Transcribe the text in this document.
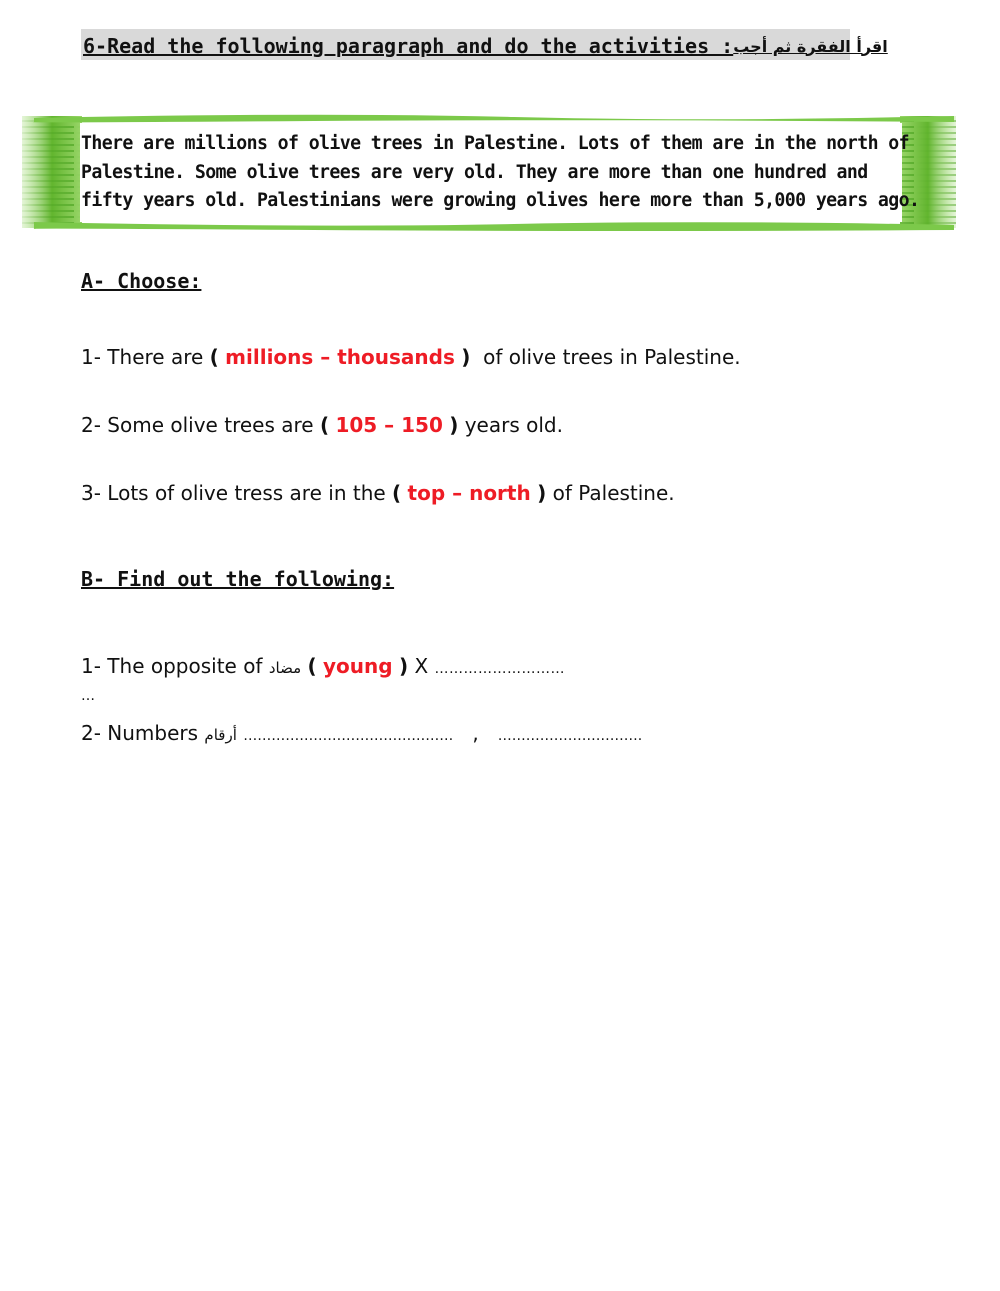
6-Read the following paragraph and do the activities : اقرأ الفقرة ثم أجب
There are millions of olive trees in Palestine. Lots of them are in the north of
Palestine. Some olive trees are very old. They are more than one hundred and
fifty years old. Palestinians were growing olives here more than 5,000 years ago.
A- Choose:
1- There are ( millions – thousands ) of olive trees in Palestine.
2- Some olive trees are ( 105 – 150 ) years old.
3- Lots of olive tress are in the ( top – north ) of Palestine.
B- Find out the following:
1- The opposite of مضاد ( young ) X ………………………
…
2- Numbers أرقام ……………………………………… , ………………………….
